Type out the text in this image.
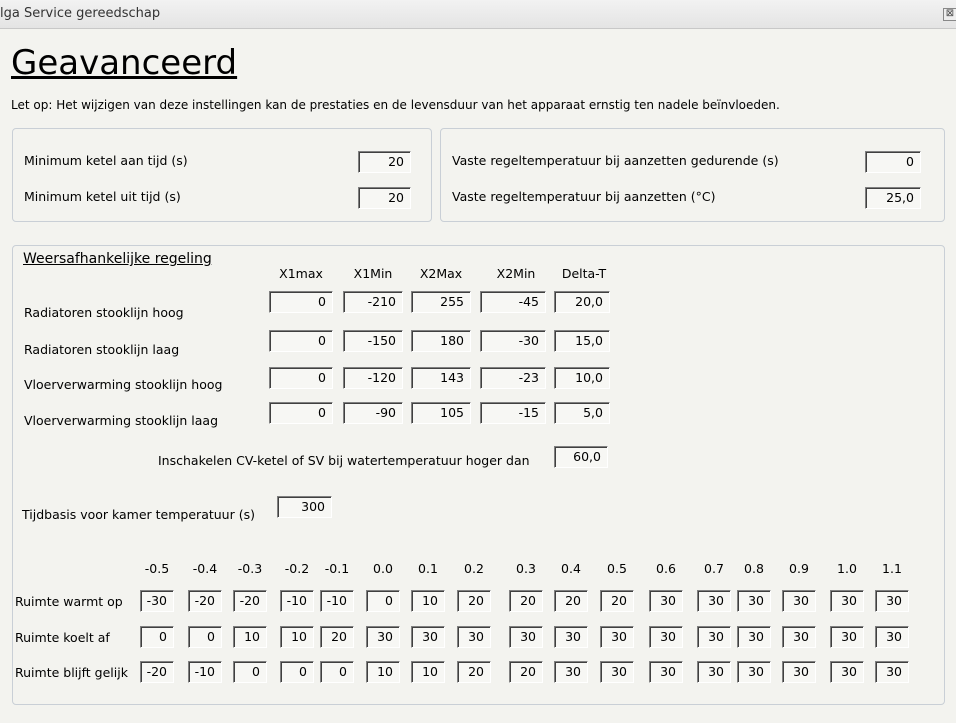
lga Service gereedschap	⊠
Geavanceerd
Let op: Het wijzigen van deze instellingen kan de prestaties en de levensduur van het apparaat ernstig ten nadele beïnvloeden.
Minimum ketel aan tijd (s)	20
Minimum ketel uit tijd (s)	20
Vaste regeltemperatuur bij aanzetten gedurende (s)	0
Vaste regeltemperatuur bij aanzetten (°C)	25,0
Weersafhankelijke regeling
X1max	X1Min	X2Max	X2Min	Delta-T
Radiatoren stooklijn hoog
0	-210	255	-45	20,0
Radiatoren stooklijn laag
0	-150	180	-30	15,0
Vloerverwarming stooklijn hoog	0	-120	143	-23	10,0
Vloerverwarming stooklijn laag
0	-90	105	-15	5,0
Inschakelen CV-ketel of SV bij watertemperatuur hoger dan	60,0
Tijdbasis voor kamer temperatuur (s)
300
-0.5	-0.4	-0.3	-0.2	-0.1	0.0	0.1	0.2	0.3	0.4	0.5	0.6	0.7	0.8	0.9	1.0	1.1
Ruimte warmt op	-30	-20	-20	-10	-10	0	10	20	20	20	20	30	30	30	30	30	30
Ruimte koelt af	0	0	10	10	20	30	30	30	30	30	30	30	30	30	30	30	30
Ruimte blijft gelijk	-20	-10	0	0	0	10	10	20	20	30	30	30	30	30	30	30	30
